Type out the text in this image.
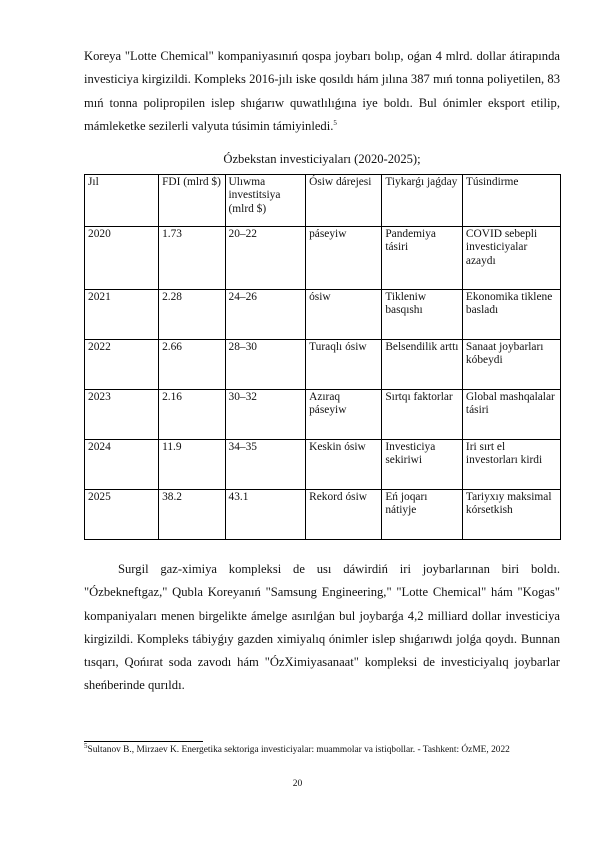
Koreya "Lotte Chemical" kompaniyasınıń qospa joybarı bolıp, oǵan 4 mlrd. dollar átirapında investiciya kirgizildi. Kompleks 2016-jılı iske qosıldı hám jılına 387 mıń tonna poliyetilen, 83 mıń tonna polipropilen islep shıǵarıw quwatlılıǵına iye boldı. Bul ónimler eksport etilip, mámleketke sezilerli valyuta túsimin támiyinledi.$^5$

Ózbekstan investiciyaları (2020-2025);
Jıl	FDI (mlrd $)	Ulıwma investitsiya (mlrd $)	Ósiw dárejesi	Tiykarǵı jaǵday	Túsindirme
2020	1.73	20–22	páseyiw	Pandemiya tásiri	COVID sebepli investiciyalar azaydı
2021	2.28	24–26	ósiw	Tikleniw basqıshı	Ekonomika tiklene basladı
2022	2.66	28–30	Turaqlı ósiw	Belsendilik arttı	Sanaat joybarları kóbeydi
2023	2.16	30–32	Azıraq páseyiw	Sırtqı faktorlar	Global mashqalalar tásiri
2024	11.9	34–35	Keskin ósiw	Investiciya sekiriwi	Iri sırt el investorları kirdi
2025	38.2	43.1	Rekord ósiw	Eń joqarı nátiyje	Tariyxıy maksimal kórsetkish

Surgil gaz-ximiya kompleksi de usı dáwirdiń iri joybarlarınan biri boldı. "Ózbekneftgaz," Qubla Koreyanıń "Samsung Engineering," "Lotte Chemical" hám "Kogas" kompaniyaları menen birgelikte ámelge asırılǵan bul joybarǵa 4,2 milliard dollar investiciya kirgizildi. Kompleks tábiyǵıy gazden ximiyalıq ónimler islep shıǵarıwdı jolǵa qoydı. Bunnan tısqarı, Qońırat soda zavodı hám "ÓzXimiyasanaat" kompleksi de investiciyalıq joybarlar sheńberinde qurıldı.

$^5$Sultanov B., Mirzaev K. Energetika sektoriga investiciyalar: muammolar va istiqbollar. - Tashkent: ÓzME, 2022
20
